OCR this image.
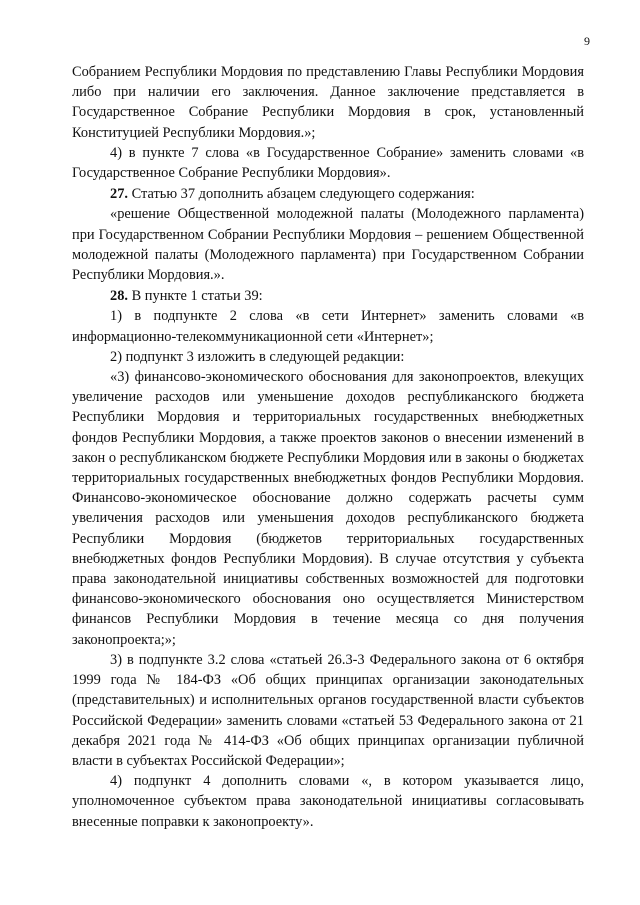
9

Собранием Республики Мордовия по представлению Главы Республики Мордовия либо при наличии его заключения. Данное заключение представляется в Государственное Собрание Республики Мордовия в срок, установленный Конституцией Республики Мордовия.»;

4) в пункте 7 слова «в Государственное Собрание» заменить словами «в Государственное Собрание Республики Мордовия».

27. Статью 37 дополнить абзацем следующего содержания:

«решение Общественной молодежной палаты (Молодежного парламента) при Государственном Собрании Республики Мордовия – решением Общественной молодежной палаты (Молодежного парламента) при Государственном Собрании Республики Мордовия.».

28. В пункте 1 статьи 39:

1) в подпункте 2 слова «в сети Интернет» заменить словами «в информационно-телекоммуникационной сети «Интернет»;

2) подпункт 3 изложить в следующей редакции:

«3) финансово-экономического обоснования для законопроектов, влекущих увеличение расходов или уменьшение доходов республиканского бюджета Республики Мордовия и территориальных государственных внебюджетных фондов Республики Мордовия, а также проектов законов о внесении изменений в закон о республиканском бюджете Республики Мордовия или в законы о бюджетах территориальных государственных внебюджетных фондов Республики Мордовия. Финансово-экономическое обоснование должно содержать расчеты сумм увеличения расходов или уменьшения доходов республиканского бюджета Республики Мордовия (бюджетов территориальных государственных внебюджетных фондов Республики Мордовия). В случае отсутствия у субъекта права законодательной инициативы собственных возможностей для подготовки финансово-экономического обоснования оно осуществляется Министерством финансов Республики Мордовия в течение месяца со дня получения законопроекта;»;

3) в подпункте 3.2 слова «статьей 26.3-3 Федерального закона от 6 октября 1999 года № 184-ФЗ «Об общих принципах организации законодательных (представительных) и исполнительных органов государственной власти субъектов Российской Федерации» заменить словами «статьей 53 Федерального закона от 21 декабря 2021 года № 414-ФЗ «Об общих принципах организации публичной власти в субъектах Российской Федерации»;

4) подпункт 4 дополнить словами «, в котором указывается лицо, уполномоченное субъектом права законодательной инициативы согласовывать внесенные поправки к законопроекту».
